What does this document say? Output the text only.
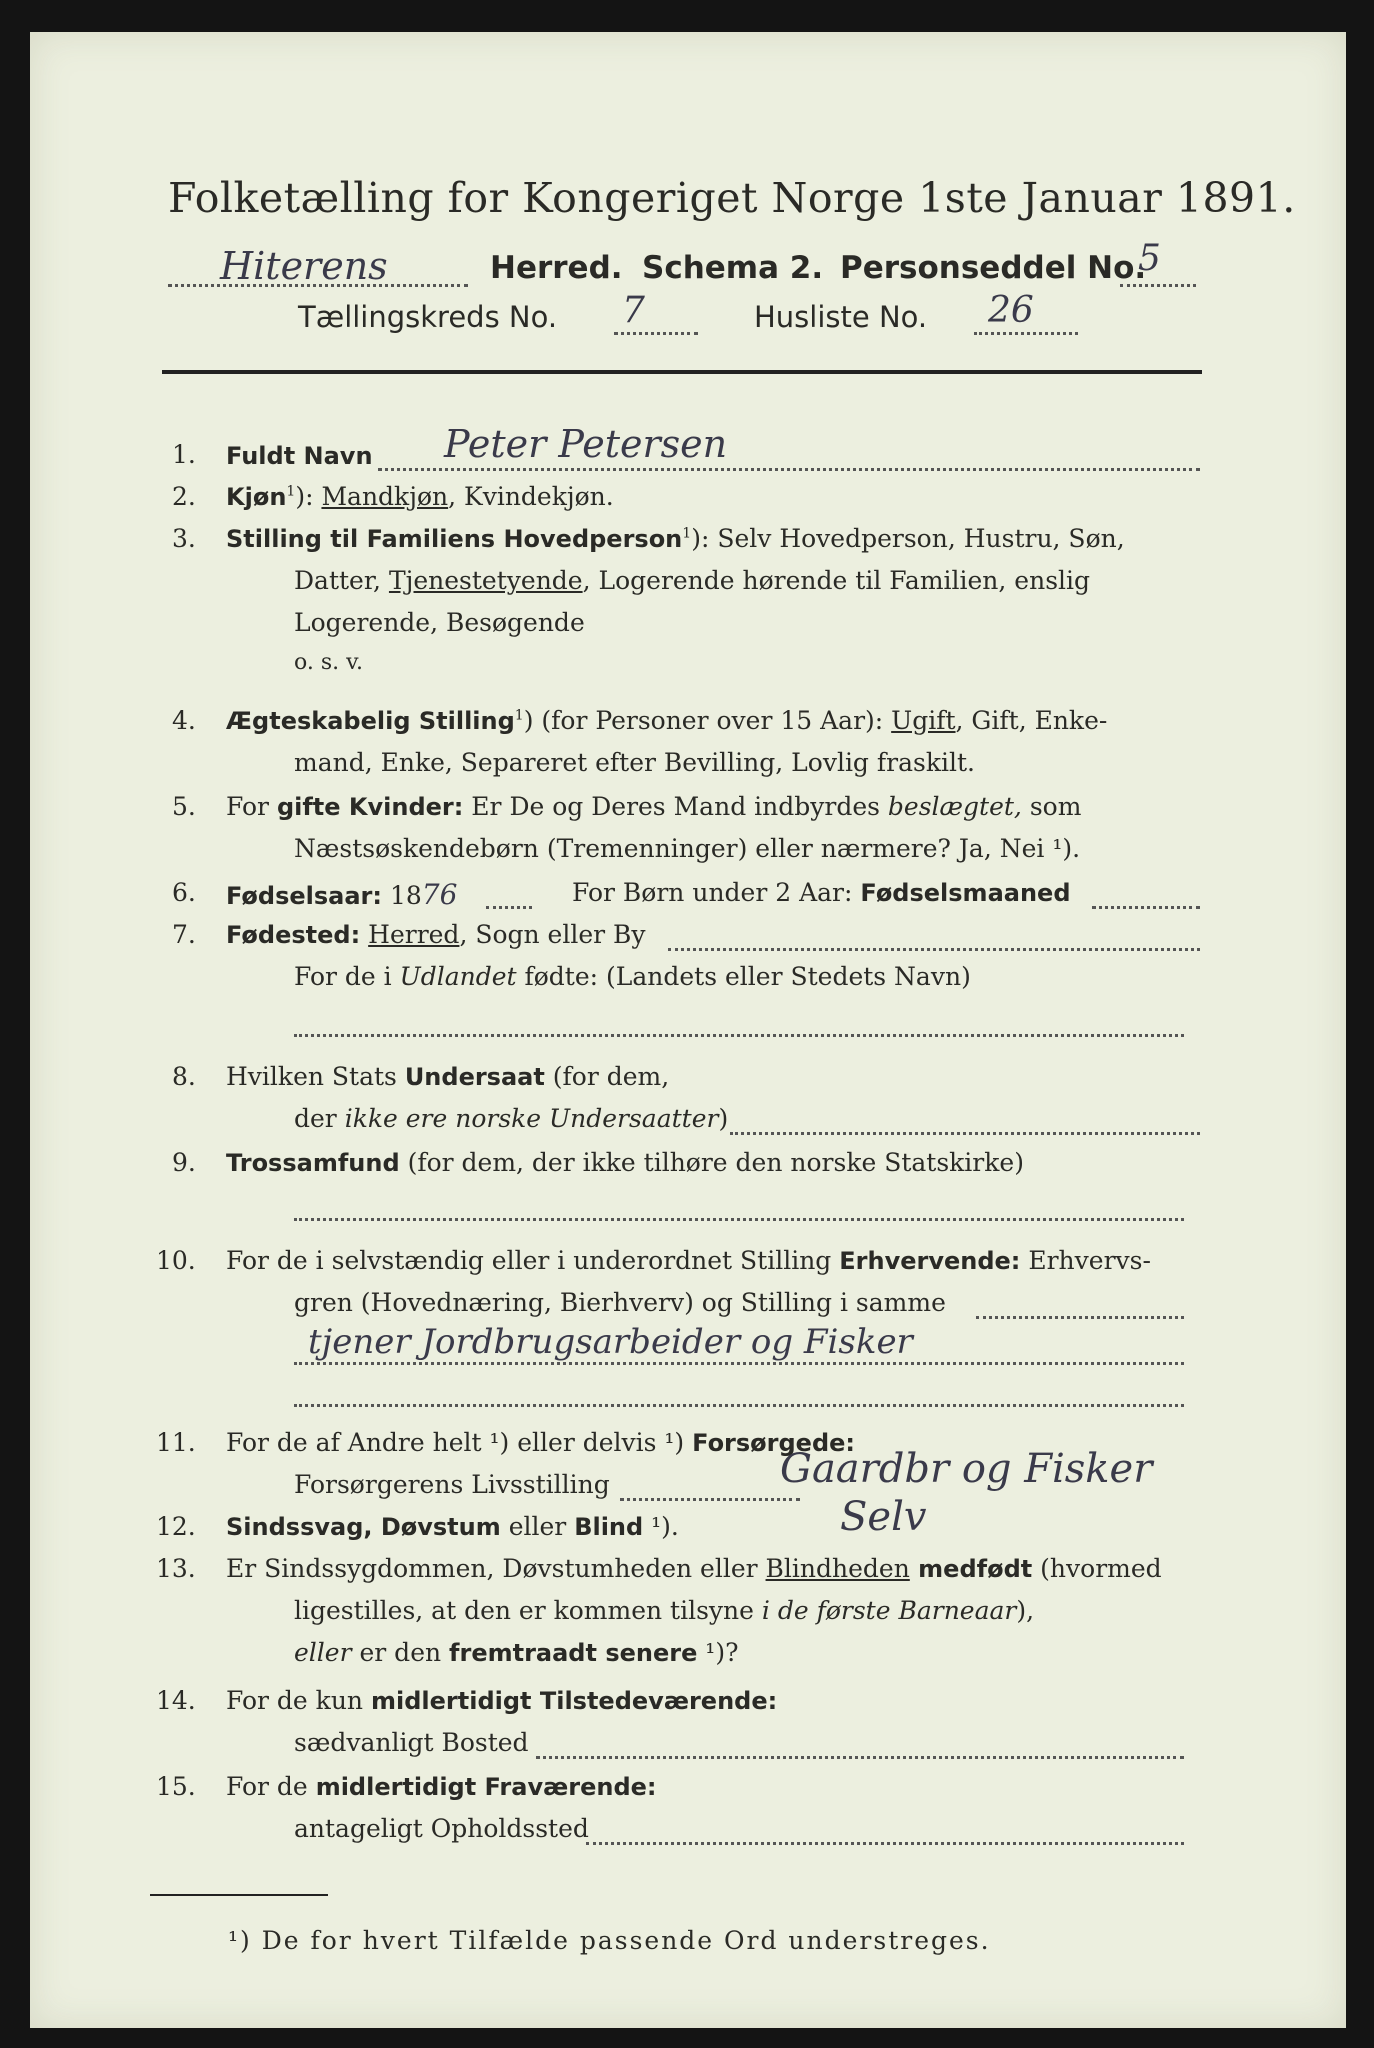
Folketælling for Kongeriget Norge 1ste Januar 1891.
Hiterens	Herred. Schema 2. Personseddel No.
5
Tællingskreds No. 7	Husliste No. 26
1. Fuldt Navn Peter Petersen
2. Kjøn$^1$): Mandkjøn, Kvindekjøn.
3. Stilling til Familiens Hovedperson$^1$): Selv Hovedperson, Hustru, Søn,
Datter, Tjenestetyende, Logerende hørende til Familien, enslig
Logerende, Besøgende
o. s. v.
4. Ægteskabelig Stilling$^1$) (for Personer over 15 Aar): Ugift, Gift, Enke-
mand, Enke, Separeret efter Bevilling, Lovlig fraskilt.
5. For gifte Kvinder: Er De og Deres Mand indbyrdes beslægtet, som
Næstsøskendebørn (Tremenninger) eller nærmere? Ja, Nei ¹).
6. Fødselsaar: 1876	For Børn under 2 Aar: Fødselsmaaned
7. Fødested: Herred, Sogn eller By
For de i Udlandet fødte: (Landets eller Stedets Navn)
8. Hvilken Stats Undersaat (for dem,
der ikke ere norske Undersaatter)
9. Trossamfund (for dem, der ikke tilhøre den norske Statskirke)
10. For de i selvstændig eller i underordnet Stilling Erhvervende: Erhvervs-
gren (Hovednæring, Bierhverv) og Stilling i samme
tjener Jordbrugsarbeider og Fisker
11. For de af Andre helt ¹) eller delvis ¹) Forsørgede:
Forsørgerens Livsstilling	Gaardbr og Fisker
12. Sindssvag, Døvstum eller Blind ¹).	Selv
13. Er Sindssygdommen, Døvstumheden eller Blindheden medfødt (hvormed
ligestilles, at den er kommen tilsyne i de første Barneaar),
eller er den fremtraadt senere ¹)?
14. For de kun midlertidigt Tilstedeværende:
sædvanligt Bosted
15. For de midlertidigt Fraværende:
antageligt Opholdssted
¹) De for hvert Tilfælde passende Ord understreges.
